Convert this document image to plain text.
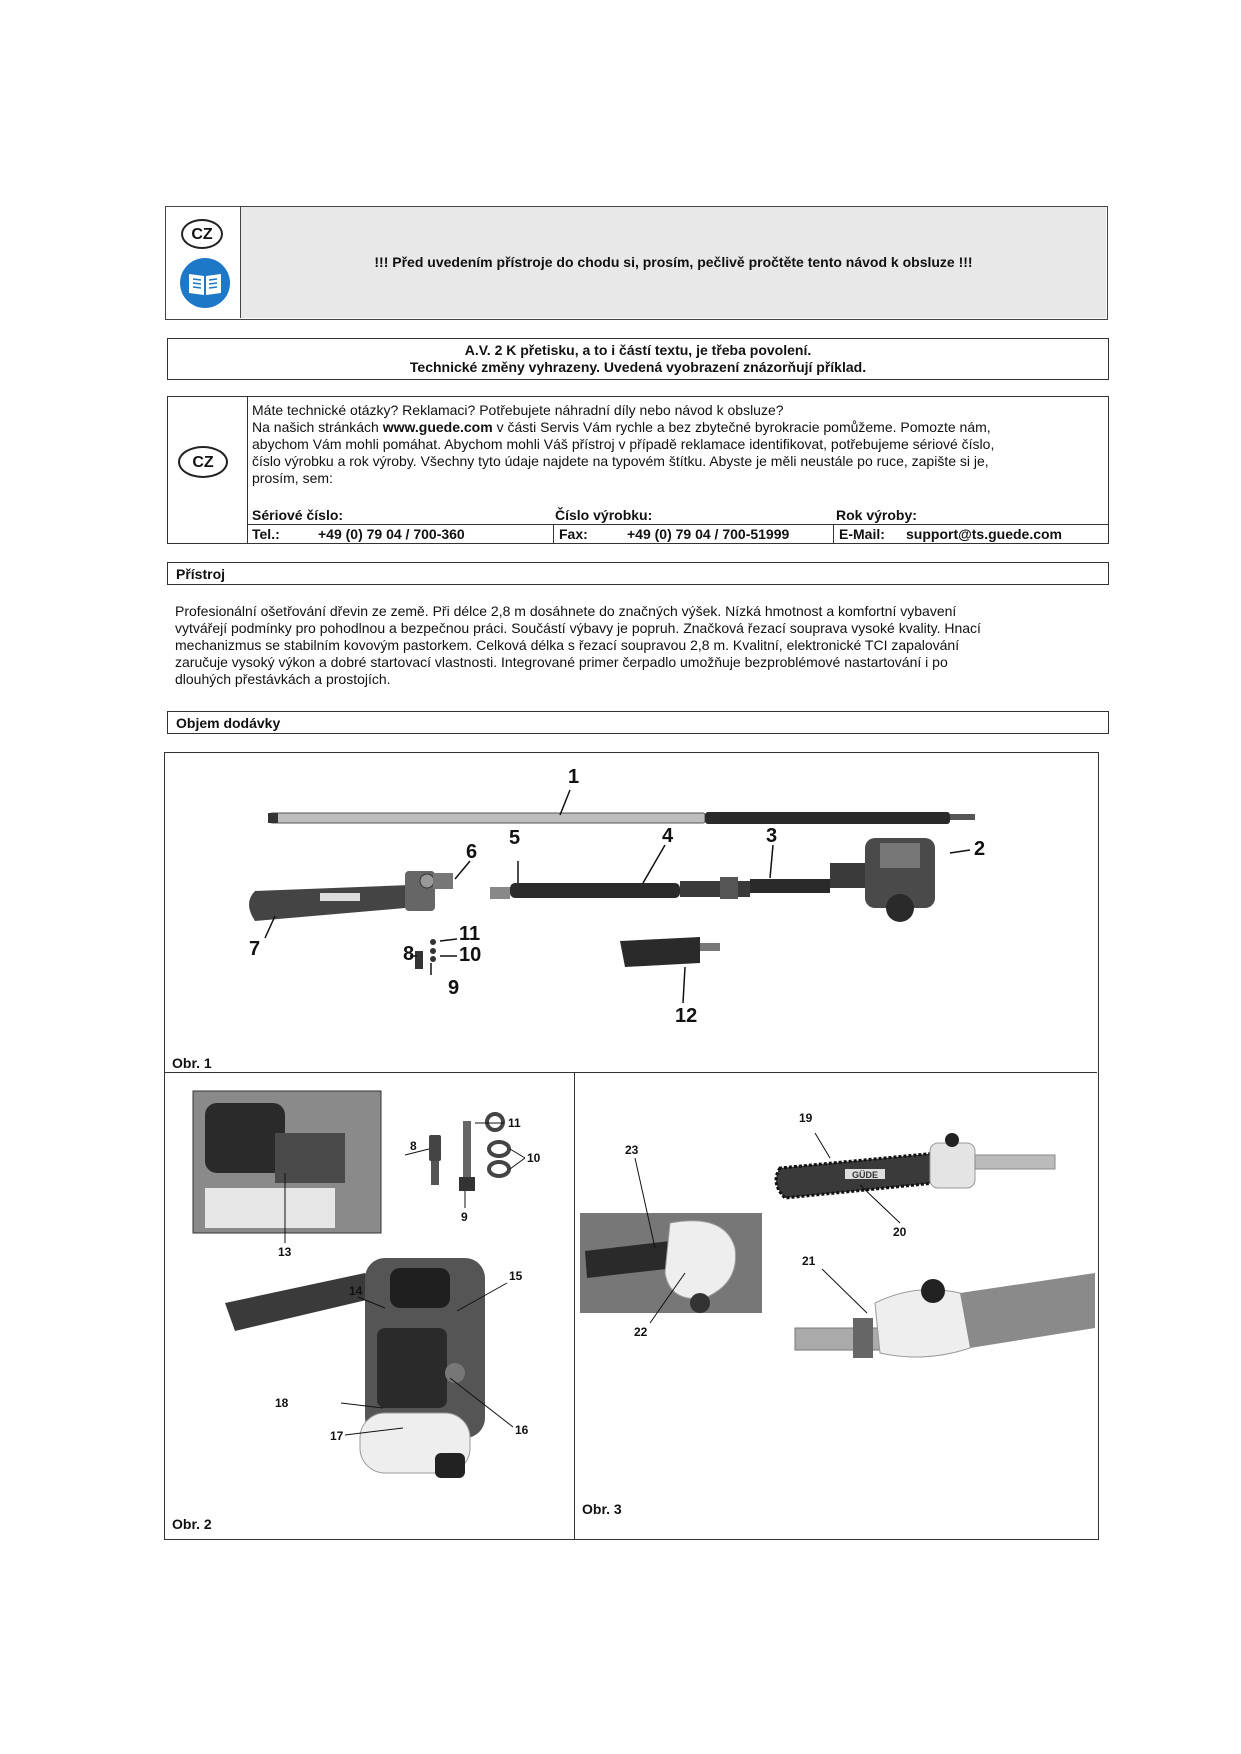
CZ
!!! Před uvedením přístroje do chodu si, prosím, pečlivě pročtěte tento návod k obsluze !!!
A.V. 2 K přetisku, a to i částí textu, je třeba povolení.
Technické změny vyhrazeny. Uvedená vyobrazení znázorňují příklad.
CZ
Máte technické otázky? Reklamaci? Potřebujete náhradní díly nebo návod k obsluze?
Na našich stránkách www.guede.com v části Servis Vám rychle a bez zbytečné byrokracie pomůžeme. Pomozte nám,
abychom Vám mohli pomáhat. Abychom mohli Váš přístroj v případě reklamace identifikovat, potřebujeme sériové číslo,
číslo výrobku a rok výroby. Všechny tyto údaje najdete na typovém štítku. Abyste je měli neustále po ruce, zapište si je,
prosím, sem:
Sériové číslo:	Číslo výrobku:	Rok výroby:
Tel.:	+49 (0) 79 04 / 700-360	Fax:	+49 (0) 79 04 / 700-51999	E-Mail: support@ts.guede.com
Přístroj
Profesionální ošetřování dřevin ze země. Při délce 2,8 m dosáhnete do značných výšek. Nízká hmotnost a komfortní vybavení
vytvářejí podmínky pro pohodlnou a bezpečnou práci. Součástí výbavy je popruh. Značková řezací souprava vysoké kvality. Hnací
mechanizmus se stabilním kovovým pastorkem. Celková délka s řezací soupravou 2,8 m. Kvalitní, elektronické TCI zapalování
zaručuje vysoký výkon a dobré startovací vlastnosti. Integrované primer čerpadlo umožňuje bezproblémové nastartování i po
dlouhých přestávkách a prostojích.
Objem dodávky
1
2
3
4
5
6
7	8
9
10
11
12
Obr. 1
8
9
10
11
13
14
15
16
17
18
Obr. 2
GÜDE
19
20
21
22
23
Obr. 3
